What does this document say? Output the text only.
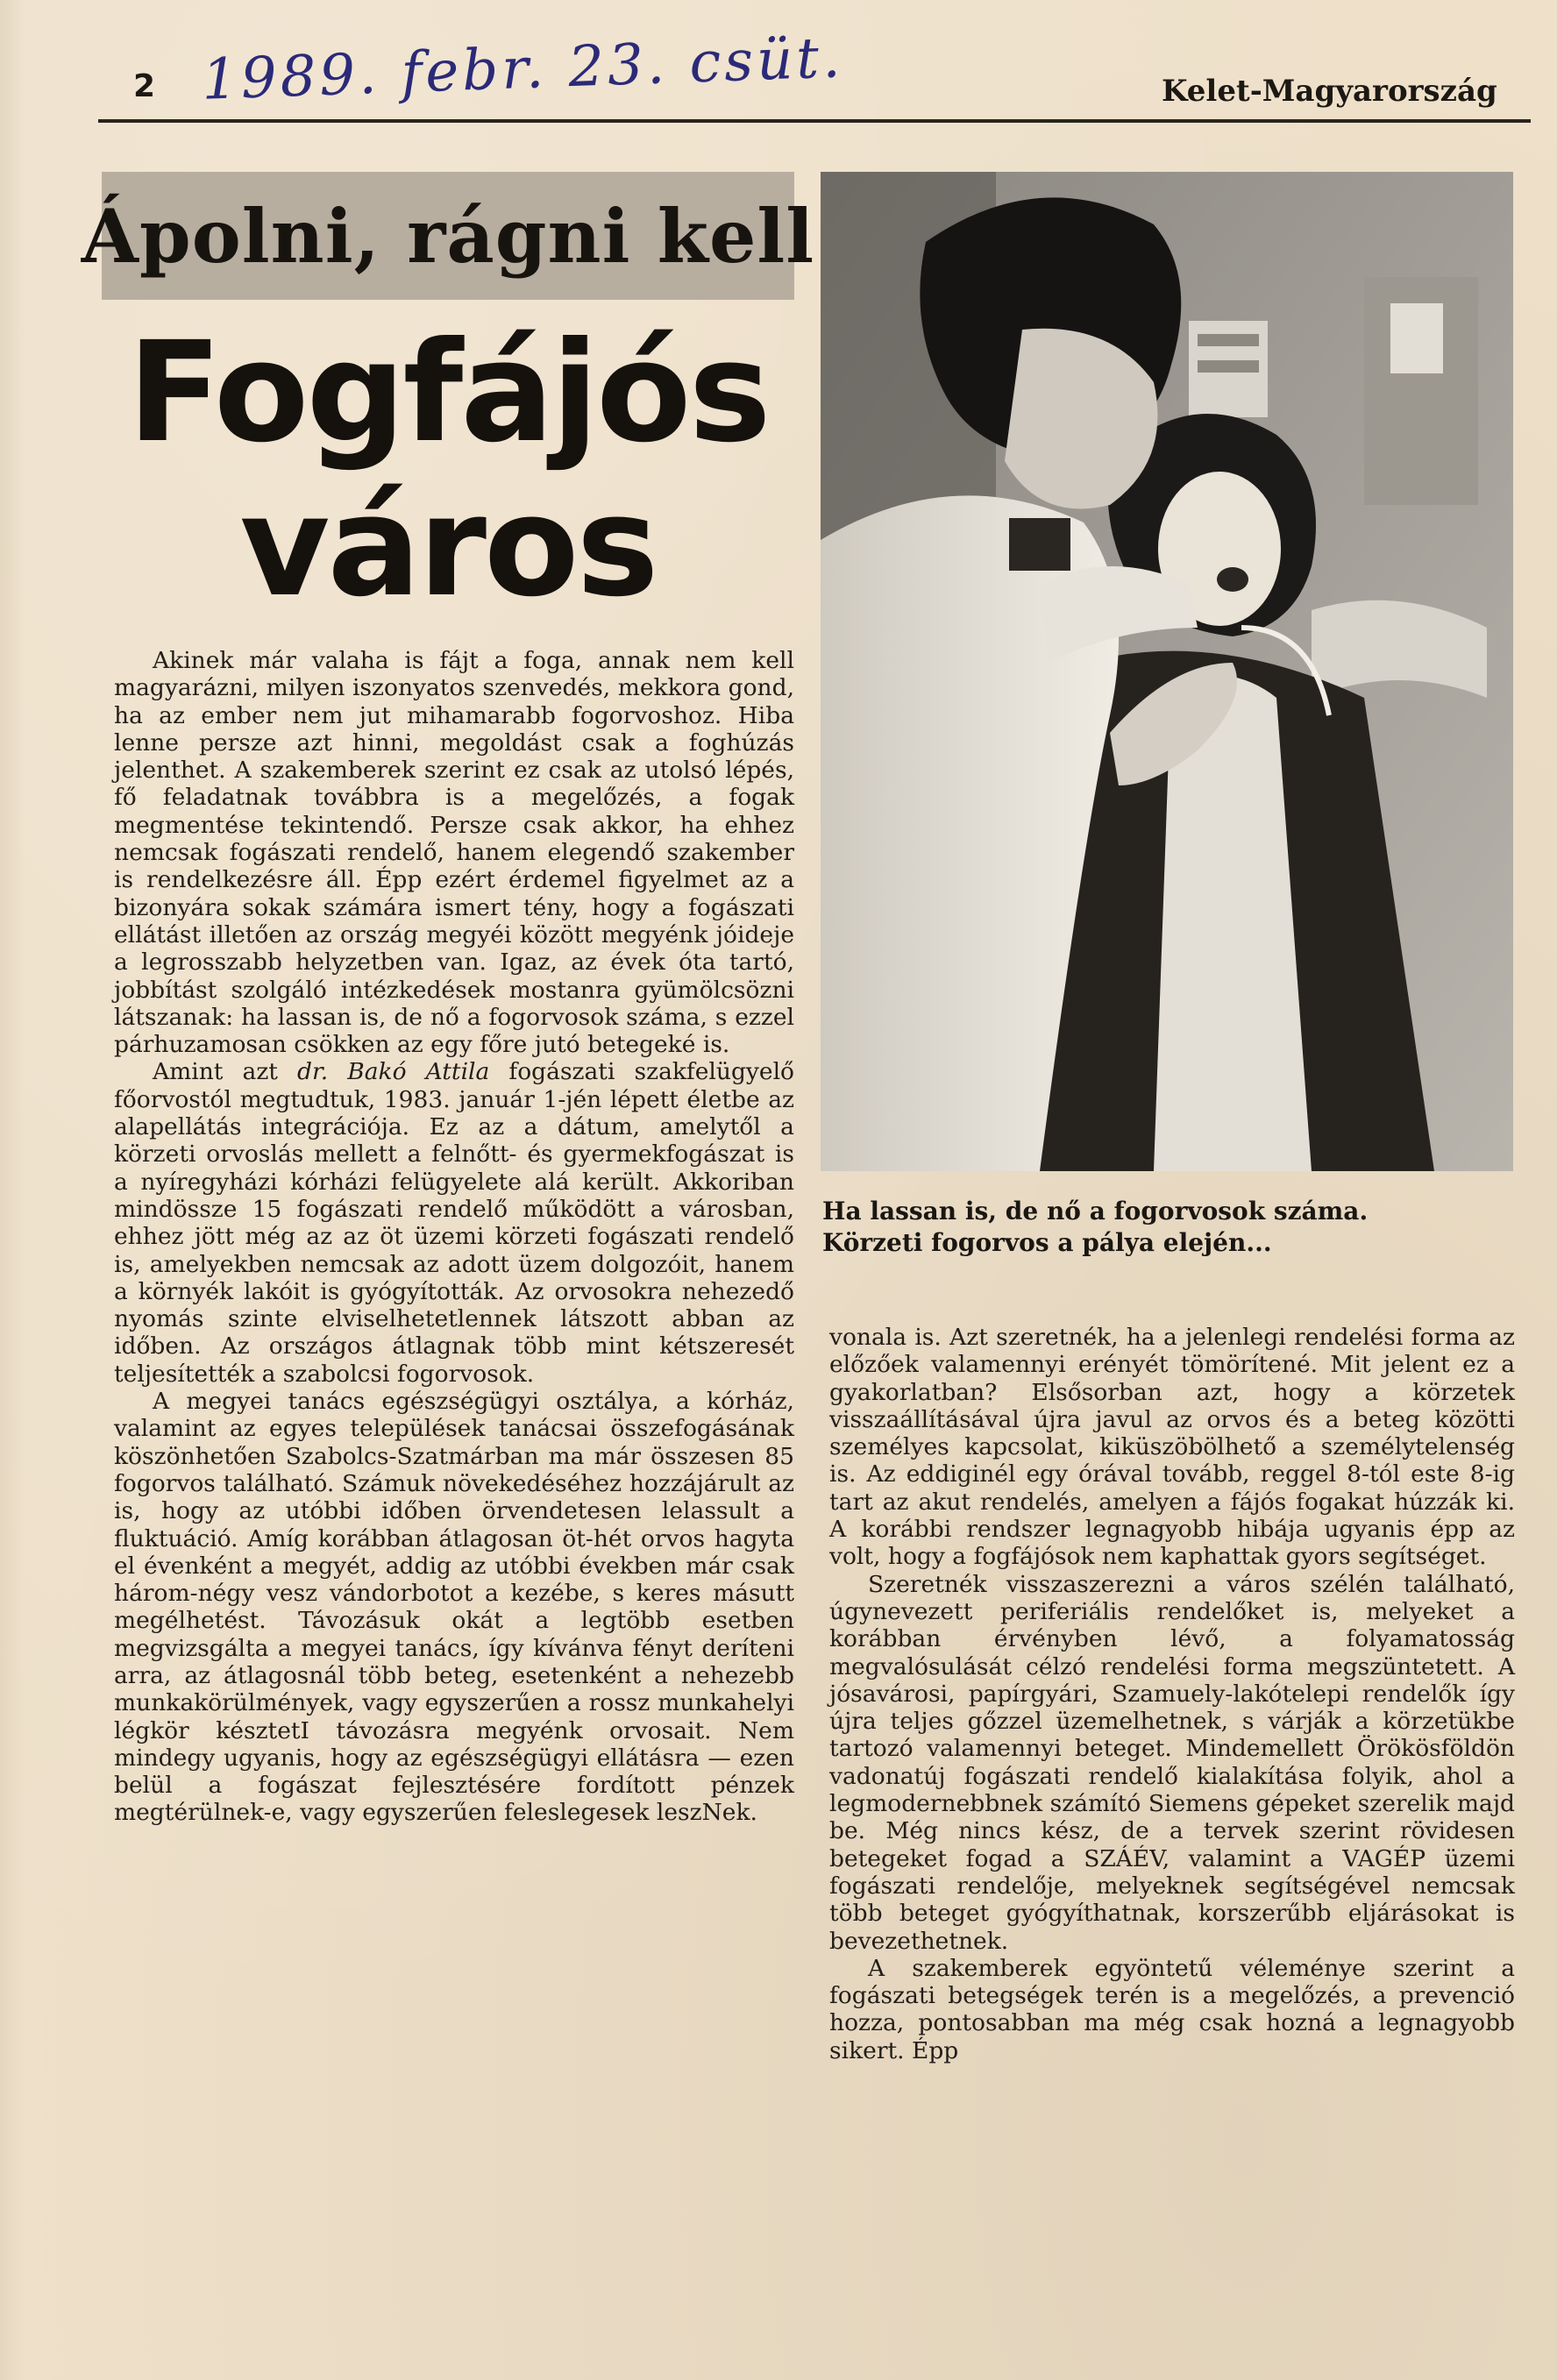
2 1989. febr. 23. csüt.	Kelet-Magyarország
Ápolni, rágni kell
Fogfájós
város
Ha lassan is, de nő a fogorvosok száma.
Körzeti fogorvos a pálya elején...

Akinek már valaha is fájt a foga, annak nem kell magyarázni, milyen iszonyatos szenvedés, mekkora gond, ha az ember nem jut mihamarabb fogorvoshoz. Hiba lenne persze azt hinni, megoldást csak a foghúzás jelenthet. A szakemberek szerint ez csak az utolsó lépés, fő feladatnak továbbra is a megelőzés, a fogak megmentése tekintendő. Persze csak akkor, ha ehhez nemcsak fogászati rendelő, hanem elegendő szakember is rendelkezésre áll. Épp ezért érdemel figyelmet az a bizonyára sokak számára ismert tény, hogy a fogászati ellátást illetően az ország megyéi között megyénk jóideje a legrosszabb helyzetben van. Igaz, az évek óta tartó, jobbítást szolgáló intézkedések mostanra gyümölcsözni látszanak: ha lassan is, de nő a fogorvosok száma, s ezzel párhuzamosan csökken az egy főre jutó betegeké is.

Amint azt dr. Bakó Attila fogászati szakfelügyelő főorvostól megtudtuk, 1983. január 1-jén lépett életbe az alapellátás integrációja. Ez az a dátum, amelytől a körzeti orvoslás mellett a felnőtt- és gyermekfogászat is a nyíregyházi kórházi felügyelete alá került. Akkoriban mindössze 15 fogászati rendelő működött a városban, ehhez jött még az az öt üzemi körzeti fogászati rendelő is, amelyekben nemcsak az adott üzem dolgozóit, hanem a környék lakóit is gyógyították. Az orvosokra nehezedő nyomás szinte elviselhetetlennek látszott abban az időben. Az országos átlagnak több mint kétszeresét teljesítették a szabolcsi fogorvosok.

A megyei tanács egészségügyi osztálya, a kórház, valamint az egyes települések tanácsai összefogásának köszönhetően Szabolcs-Szatmárban ma már összesen 85 fogorvos található. Számuk növekedéséhez hozzájárult az is, hogy az utóbbi időben örvendetesen lelassult a fluktuáció. Amíg korábban átlagosan öt-hét orvos hagyta el évenként a megyét, addig az utóbbi években már csak három-négy vesz vándorbotot a kezébe, s keres másutt megélhetést. Távozásuk okát a legtöbb esetben megvizsgálta a megyei tanács, így kívánva fényt deríteni arra, az átlagosnál több beteg, esetenként a nehezebb munkakörülmények, vagy egyszerűen a rossz munkahelyi légkör késztetI távozásra megyénk orvosait. Nem mindegy ugyanis, hogy az egészségügyi ellátásra — ezen belül a fogászat fejlesztésére fordított pénzek megtérülnek-e, vagy egyszerűen feleslegesek leszNek.

vonala is. Azt szeretnék, ha a jelenlegi rendelési forma az előzőek valamennyi erényét tömörítené. Mit jelent ez a gyakorlatban? Elsősorban azt, hogy a körzetek visszaállításával újra javul az orvos és a beteg közötti személyes kapcsolat, kiküszöbölhető a személytelenség is. Az eddiginél egy órával tovább, reggel 8-tól este 8-ig tart az akut rendelés, amelyen a fájós fogakat húzzák ki. A korábbi rendszer legnagyobb hibája ugyanis épp az volt, hogy a fogfájósok nem kaphattak gyors segítséget.

Szeretnék visszaszerezni a város szélén található, úgynevezett periferiális rendelőket is, melyeket a korábban érvényben lévő, a folyamatosság megvalósulását célzó rendelési forma megszüntetett. A jósavárosi, papírgyári, Szamuely-lakótelepi rendelők így újra teljes gőzzel üzemelhetnek, s várják a körzetükbe tartozó valamennyi beteget. Mindemellett Örökösföldön vadonatúj fogászati rendelő kialakítása folyik, ahol a legmodernebbnek számító Siemens gépeket szerelik majd be. Még nincs kész, de a tervek szerint rövidesen betegeket fogad a SZÁÉV, valamint a VAGÉP üzemi fogászati rendelője, melyeknek segítségével nemcsak több beteget gyógyíthatnak, korszerűbb eljárásokat is bevezethetnek.

A szakemberek egyöntetű véleménye szerint a fogászati betegségek terén is a megelőzés, a prevenció hozza, pontosabban ma még csak hozná a legnagyobb sikert. Épp
